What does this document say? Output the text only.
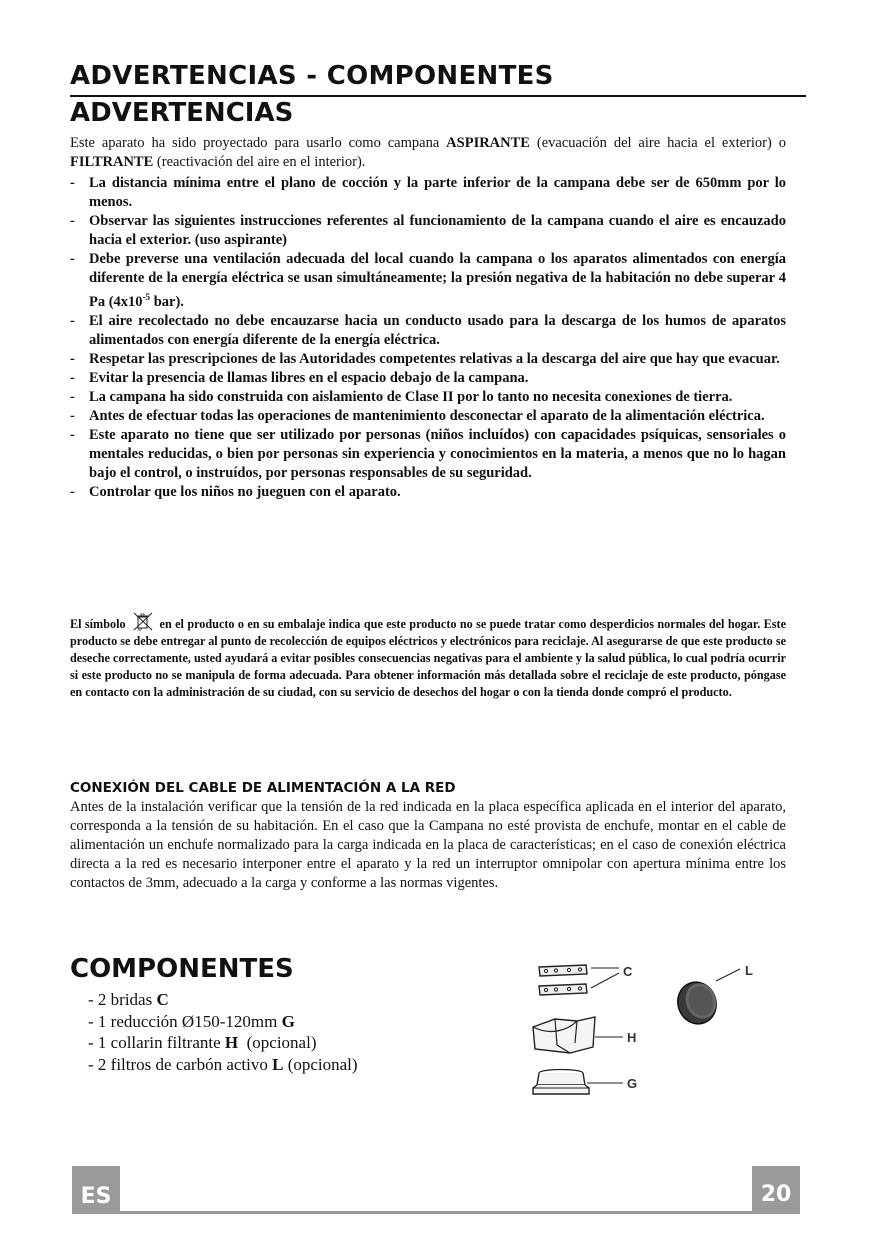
ADVERTENCIAS - COMPONENTES
ADVERTENCIAS

Este aparato ha sido proyectado para usarlo como campana ASPIRANTE (evacuación del aire hacia el exterior) o FILTRANTE (reactivación del aire en el interior).

- La distancia mínima entre el plano de cocción y la parte inferior de la campana debe ser de 650mm por lo menos.
- Observar las siguientes instrucciones referentes al funcionamiento de la campana cuando el aire es encauzado hacia el exterior. (uso aspirante)
- Debe preverse una ventilación adecuada del local cuando la campana o los aparatos alimentados con energía diferente de la energía eléctrica se usan simultáneamente; la presión negativa de la habitación no debe superar 4 Pa ($4x10^{-5}$ bar).
- El aire recolectado no debe encauzarse hacia un conducto usado para la descarga de los humos de aparatos alimentados con energía diferente de la energía eléctrica.
- Respetar las prescripciones de las Autoridades competentes relativas a la descarga del aire que hay que evacuar.
- Evitar la presencia de llamas libres en el espacio debajo de la campana.
- La campana ha sido construida con aislamiento de Clase II por lo tanto no necesita conexiones de tierra.
- Antes de efectuar todas las operaciones de mantenimiento desconectar el aparato de la alimentación eléctrica.
- Este aparato no tiene que ser utilizado por personas (niños incluídos) con capacidades psíquicas, sensoriales o mentales reducidas, o bien por personas sin experiencia y conocimientos en la materia, a menos que no lo hagan bajo el control, o instruídos, por personas responsables de su seguridad.
- Controlar que los niños no jueguen con el aparato.

El símbolo	en el producto o en su embalaje indica que este producto no se puede tratar como desperdicios normales del hogar. Este producto se debe entregar al punto de recolección de equipos eléctricos y electrónicos para reciclaje. Al asegurarse de que este producto se deseche correctamente, usted ayudará a evitar posibles consecuencias negativas para el ambiente y la salud pública, lo cual podría ocurrir si este producto no se manipula de forma adecuada. Para obtener información más detallada sobre el reciclaje de este producto, póngase en contacto con la administración de su ciudad, con su servicio de desechos del hogar o con la tienda donde compró el producto.

CONEXIÓN DEL CABLE DE ALIMENTACIÓN A LA RED

Antes de la instalación verificar que la tensión de la red indicada en la placa específica aplicada en el interior del aparato, corresponda a la tensión de su habitación. En el caso que la Campana no esté provista de enchufe, montar en el cable de alimentación un enchufe normalizado para la carga indicada en la placa de características; en el caso de conexión eléctrica directa a la red es necesario interponer entre el aparato y la red un interruptor omnipolar con apertura mínima entre los contactos de 3mm, adecuado a la carga y conforme a las normas vigentes.

COMPONENTES
- 2 bridas C
- 1 reducción Ø150-120mm G
- 1 collarin filtrante H  (opcional)
- 2 filtros de carbón activo L (opcional)
C	L
H
G
ES	20
